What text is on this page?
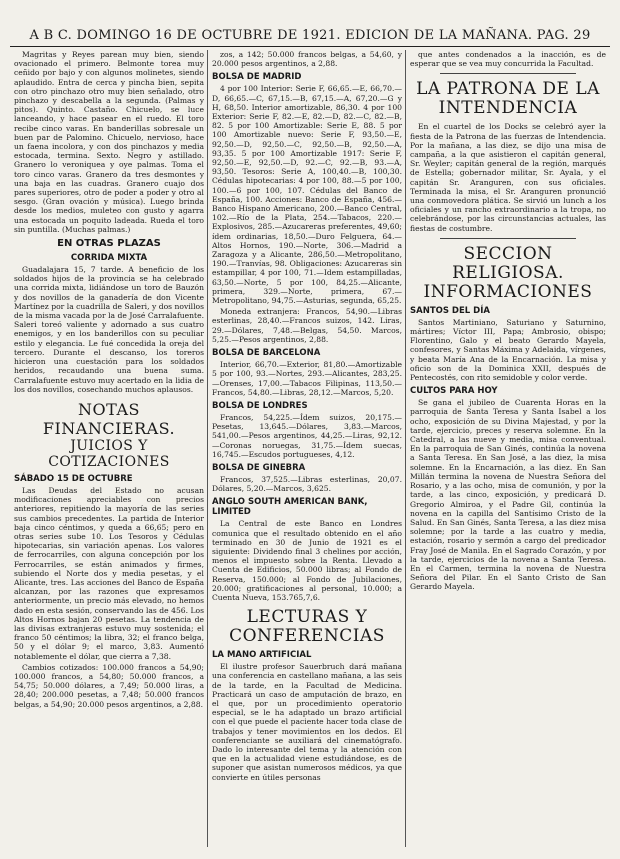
A B C. DOMINGO 16 DE OCTUBRE DE 1921. EDICION DE LA MAÑANA. PAG. 29

Magritas y Reyes parean muy bien, siendo ovacionado el primero. Belmonte torea muy ceñido por bajo y con algunos molinetes, siendo aplaudido. Entra de cerca y pincha bien, sepita con otro pinchazo otro muy bien señalado, otro pinchazo y descabella a la segunda. (Palmas y pitos). Quinto. Castaño. Chicuelo, se luce lanceando, y hace pasear en el ruedo. El toro recibe cinco varas. En banderillas sobresale un buen par de Palomino. Chicuelo, nervioso, hace un faena incolora, y con dos pinchazos y media estocada, termina. Sexto. Negro y astillado. Granero lo veroniquea y oye palmas. Toma el toro cinco varas. Granero da tres desmontes y una baja en las cuadras. Granero cuajo dos pares superiores, otro de poder a poder y otro al sesgo. (Gran ovación y música). Luego brinda desde los medios, muleteo con gusto y agarra una estocada un poquito ladeada. Rueda el toro sin puntilla. (Muchas palmas.)

EN OTRAS PLAZAS
CORRIDA MIXTA

Guadalajara 15, 7 tarde. A beneficio de los soldados hijos de la provincia se ha celebrado una corrida mixta, lidiándose un toro de Bauzón y dos novillos de la ganadería de don Vicente Martínez por la cuadrilla de Saleri, y dos novillos de la misma vacada por la de José Carralafuente. Saleri toreó valiente y adornado a sus cuatro enemigos, y en los banderillos con su peculiar estilo y elegancia. Le fué concedida la oreja del tercero. Durante el descanso, los toreros hicieron una cuestación para los soldados heridos, recaudando una buena suma. Carralafuente estuvo muy acertado en la lidia de los dos novillos, cosechando muchos aplausos.

NOTAS FINANCIERAS.
JUICIOS Y COTIZACIONES
SÁBADO 15 DE OCTUBRE

Las Deudas del Estado no acusan modificaciones apreciables con precios anteriores, repitiendo la mayoría de las series sus cambios precedentes. La partida de Interior baja cinco céntimos, y queda a 66,65; pero en otras series sube 10. Los Tesoros y Cédulas hipotecarias, sin variación apenas. Los valores de ferrocarriles, con alguna concepción por los Ferrocarriles, se están animados y firmes, subiendo el Norte dos y media pesetas, y el Alicante, tres. Las acciones del Banco de España alcanzan, por las razones que expresamos anteriormente, un precio más elevado, no hemos dado en esta sesión, conservando las de 456. Los Altos Hornos bajan 20 pesetas. La tendencia de las divisas extranjeras estuvo muy sostenida; el franco 50 céntimos; la libra, 32; el franco belga, 50 y el dólar 9; el marco, 3,83. Aumentó notablemente el dólar, que cierra a 7,38.

Cambios cotizados: 100.000 francos a 54,90; 100.000 francos, a 54,80; 50.000 francos, a 54,75; 50.000 dólares, a 7,49; 50.000 liras, a 28,40; 200.000 pesetas, a 7,48; 50.000 francos belgas, a 54,90; 20.000 pesos argentinos, a 2,88.

zos, a 142; 50.000 francos belgas, a 54,60, y 20.000 pesos argentinos, a 2,88.

BOLSA DE MADRID

4 por 100 Interior: Serie F, 66,65.—E, 66,70.—D, 66,65.—C, 67,15.—B, 67,15.—A, 67,20.—G y H, 68,50. Interior amortizable, 86,30. 4 por 100 Exterior: Serie F, 82.—E, 82.—D, 82.—C, 82.—B, 82. 5 por 100 Amortizable: Serie E, 88. 5 por 100 Amortizable nuevo: Serie F, 93,50.—E, 92,50.—D, 92,50.—C, 92,50.—B, 92,50.—A, 93,35. 5 por 100 Amortizable 1917: Serie F, 92,50.—E, 92,50.—D, 92.—C, 92.—B, 93.—A, 93,50. Tesoros: Serie A, 100,40.—B, 100,30. Cédulas hipotecarias: 4 por 100, 88.—5 por 100, 100.—6 por 100, 107. Cédulas del Banco de España, 100. Acciones: Banco de España, 456.—Banco Hispano Americano, 200.—Banco Central, 102.—Río de la Plata, 254.—Tabacos, 220.—Explosivos, 285.—Azucareras preferentes, 49,60; ídem ordinarias, 18,50.—Duro Felguera, 64.—Altos Hornos, 190.—Norte, 306.—Madrid a Zaragoza y a Alicante, 286,50.—Metropolitano, 190.—Tranvías, 98. Obligaciones: Azucareras sin estampillar, 4 por 100, 71.—Idem estampilladas, 63,50.—Norte, 5 por 100, 84,25.—Alicante, primera, 329.—Norte, primera, 67.—Metropolitano, 94,75.—Asturias, segunda, 65,25.

Moneda extranjera: Francos, 54,90.—Libras esterlinas, 28,40.—Francos suizos, 142. Liras, 29.—Dólares, 7,48.—Belgas, 54,50. Marcos, 5,25.—Pesos argentinos, 2,88.

BOLSA DE BARCELONA

Interior, 66,70.—Exterior, 81,80.—Amortizable 5 por 100, 93.—Nortes, 293.—Alicantes, 283,25.—Orenses, 17,00.—Tabacos Filipinas, 113,50.—Francos, 54,80.—Libras, 28,12.—Marcos, 5,20.

BOLSA DE LONDRES

Francos, 54,225.—Ídem suizos, 20,175.—Pesetas, 13,645.—Dólares, 3,83.—Marcos, 541,00.—Pesos argentinos, 44,25.—Liras, 92,12.—Coronas noruegas, 31,75.—Ídem suecas, 16,745.—Escudos portugueses, 4,12.

BOLSA DE GINEBRA

Francos, 37,525.—Libras esterlinas, 20,07. Dólares, 5,20.—Marcos, 3,625.

ANGLO SOUTH AMERICAN BANK, LIMITED

La Central de este Banco en Londres comunica que el resultado obtenido en el año terminado en 30 de Junio de 1921 es el siguiente: Dividendo final 3 chelines por acción, menos el impuesto sobre la Renta. Llevado a Cuenta de Edificios, 50.000 libras; al Fondo de Reserva, 150.000; al Fondo de Jubilaciones, 20.000; gratificaciones al personal, 10.000; a Cuenta Nueva, 153.765,7,6.

LECTURAS Y CONFERENCIAS
LA MANO ARTIFICIAL

El ilustre profesor Sauerbruch dará mañana una conferencia en castellano mañana, a las seis de la tarde, en la Facultad de Medicina. Practicará un caso de amputación de brazo, en el que, por un procedimiento operatorio especial, se le ha adaptado un brazo artificial con el que puede el paciente hacer toda clase de trabajos y tener movimientos en los dedos. El conferenciante se auxiliará del cinematógrafo. Dado lo interesante del tema y la atención con que en la actualidad viene estudiándose, es de suponer que asistan numerosos médicos, ya que convierte en útiles personas

que antes condenados a la inacción, es de esperar que se vea muy concurrida la Facultad.

LA PATRONA DE LA INTENDENCIA

En el cuartel de los Docks se celebró ayer la fiesta de la Patrona de las fuerzas de Intendencia. Por la mañana, a las diez, se dijo una misa de campaña, a la que asistieron el capitán general, Sr. Weyler; capitán general de la región, marqués de Estella; gobernador militar, Sr. Ayala, y el capitán Sr. Aranguren, con sus oficiales. Terminada la misa, el Sr. Aranguren pronunció una conmovedora plática. Se sirvió un lunch a los oficiales y un rancho extraordinario a la tropa, no celebrándose, por las circunstancias actuales, las fiestas de costumbre.

SECCION RELIGIOSA. INFORMACIONES
SANTOS DEL DÍA

Santos Martiniano, Saturiano y Saturnino, mártires; Víctor III, Papa; Ambrosio, obispo; Florentino, Galo y el beato Gerardo Mayela, confesores, y Santas Máxima y Adelaida, vírgenes, y beata María Ana de la Encarnación. La misa y oficio son de la Dominica XXII, después de Pentecostés, con rito semidoble y color verde.

CULTOS PARA HOY

Se gana el jubileo de Cuarenta Horas en la parroquia de Santa Teresa y Santa Isabel a los ocho, exposición de su Divina Majestad, y por la tarde, ejercicio, preces y reserva solemne. En la Catedral, a las nueve y media, misa conventual. En la parroquia de San Ginés, continúa la novena a Santa Teresa. En San José, a las diez, la misa solemne. En la Encarnación, a las diez. En San Millán termina la novena de Nuestra Señora del Rosario, y a las ocho, misa de comunión, y por la tarde, a las cinco, exposición, y predicará D. Gregorio Almiroa, y el Padre Gil, continúa la novena en la capilla del Santísimo Cristo de la Salud. En San Ginés, Santa Teresa, a las diez misa solemne; por la tarde a las cuatro y media, estación, rosario y sermón a cargo del predicador Fray José de Manila. En el Sagrado Corazón, y por la tarde, ejercicios de la novena a Santa Teresa. En el Carmen, termina la novena de Nuestra Señora del Pilar. En el Santo Cristo de San Gerardo Mayela.
